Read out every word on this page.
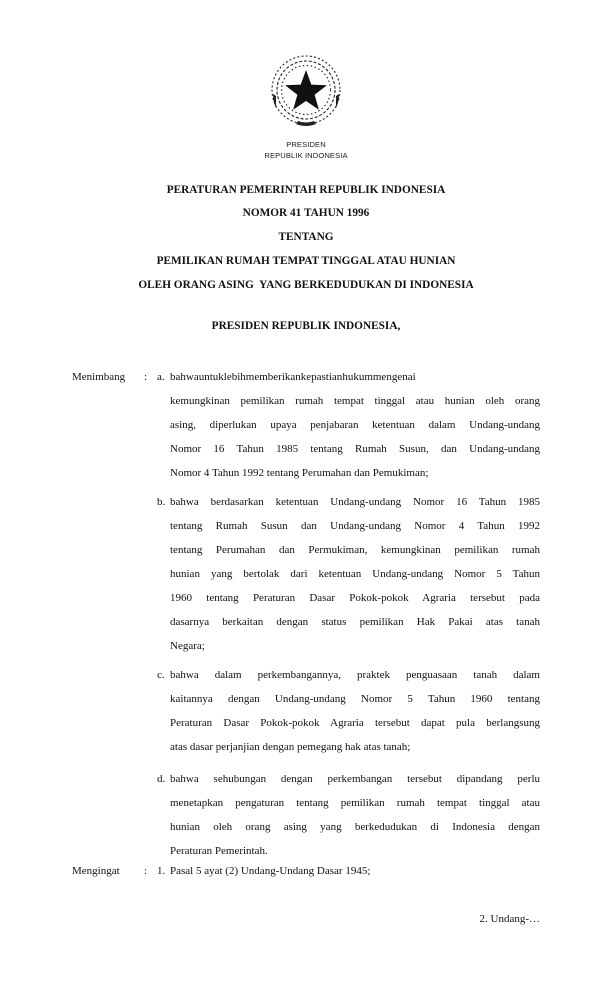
PRESIDEN
REPUBLIK INDONESIA
PERATURAN PEMERINTAH REPUBLIK INDONESIA
NOMOR 41 TAHUN 1996
TENTANG
PEMILIKAN RUMAH TEMPAT TINGGAL ATAU HUNIAN
OLEH ORANG ASING  YANG BERKEDUDUKAN DI INDONESIA
PRESIDEN REPUBLIK INDONESIA,
Menimbang : a. bahwauntuklebihmemberikankepastianhukummengenai
kemungkinan pemilikan rumah tempat tinggal atau hunian oleh orang
asing, diperlukan upaya penjabaran ketentuan dalam Undang-undang
Nomor 16 Tahun 1985 tentang Rumah Susun, dan Undang-undang
Nomor 4 Tahun 1992 tentang Perumahan dan Pemukiman;
b. bahwa berdasarkan ketentuan Undang-undang Nomor 16 Tahun 1985
tentang Rumah Susun dan Undang-undang Nomor 4 Tahun 1992
tentang Perumahan dan Permukiman, kemungkinan pemilikan rumah
hunian yang bertolak dari ketentuan Undang-undang Nomor 5 Tahun
1960 tentang Peraturan Dasar Pokok-pokok Agraria tersebut pada
dasarnya berkaitan dengan status pemilikan Hak Pakai atas tanah
Negara;
c. bahwa dalam perkembangannya, praktek penguasaan tanah dalam
kaitannya dengan Undang-undang Nomor 5 Tahun 1960 tentang
Peraturan Dasar Pokok-pokok Agraria tersebut dapat pula berlangsung
atas dasar perjanjian dengan pemegang hak atas tanah;
d. bahwa sehubungan dengan perkembangan tersebut dipandang perlu
menetapkan pengaturan tentang pemilikan rumah tempat tinggal atau
hunian oleh orang asing yang berkedudukan di Indonesia dengan
Peraturan Pemerintah.
Mengingat : 1. Pasal 5 ayat (2) Undang-Undang Dasar 1945;
2. Undang-…
